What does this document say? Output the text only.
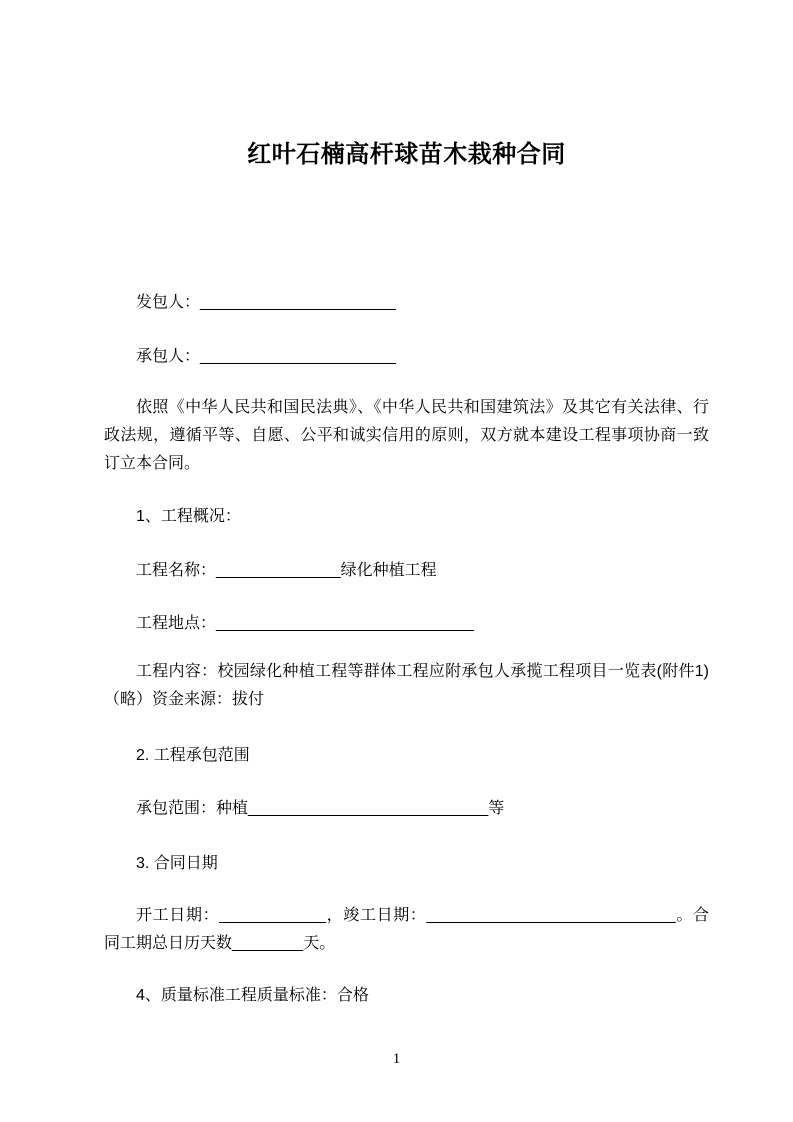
红叶石楠高杆球苗木栽种合同

发包人：______________________

承包人：______________________

依照《中华人民共和国民法典》、《中华人民共和国建筑法》及其它有关法律、行政法规，遵循平等、自愿、公平和诚实信用的原则，双方就本建设工程事项协商一致订立本合同。

1、工程概况：

工程名称：______________绿化种植工程

工程地点：_____________________________

工程内容：校园绿化种植工程等群体工程应附承包人承揽工程项目一览表(附件1)（略）资金来源：拔付

2. 工程承包范围

承包范围：种植___________________________等

3. 合同日期

开工日期：____________，竣工日期：____________________________。合同工期总日历天数________天。

4、质量标准工程质量标准：合格

1
